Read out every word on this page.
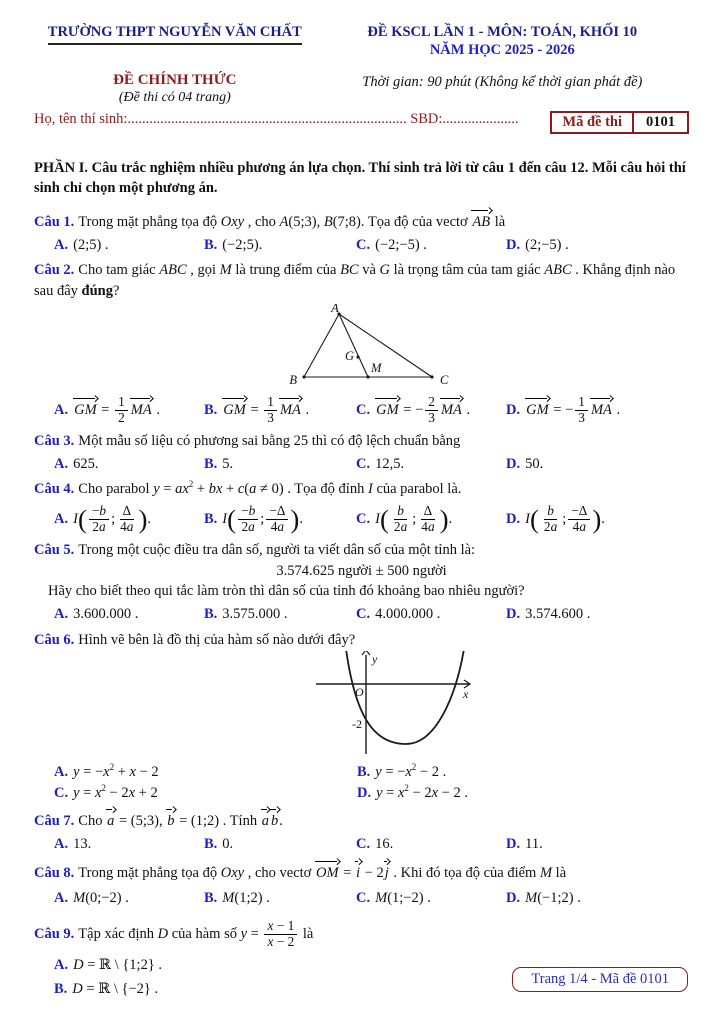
TRƯỜNG THPT NGUYỄN VĂN CHẤT	ĐỀ KSCL LẦN 1 - MÔN: TOÁN, KHỐI 10
NĂM HỌC 2025 - 2026
ĐỀ CHÍNH THỨC
(Đề thi có 04 trang)
Thời gian: 90 phút (Không kể thời gian phát đề)
Họ, tên thí sinh:............................................................................. SBD:.....................	Mã đề thi	0101
PHẦN I. Câu trắc nghiệm nhiều phương án lựa chọn. Thí sinh trả lời từ câu 1 đến câu 12. Mỗi câu hỏi thí sinh chỉ chọn một phương án.
Câu 1. Trong mặt phẳng tọa độ Oxy , cho A(5;3), B(7;8). Tọa độ của vectơ AB là
A. (2;5) .	B. (−2;5).	C. (−2;−5) .	D. (2;−5) .
Câu 2. Cho tam giác ABC , gọi M là trung điểm của BC và G là trọng tâm của tam giác ABC . Khẳng định nào sau đây đúng?
A
B	C
G
M
A. GM = $\frac{1}{2}$ MA .	B. GM = $\frac{1}{3}$ MA .	C. GM = − $\frac{2}{3}$ MA .	D. GM = − $\frac{1}{3}$ MA .
Câu 3. Một mẫu số liệu có phương sai bằng 25 thì có độ lệch chuẩn bằng
A. 625.	B. 5.	C. 12,5.	D. 50.
Câu 4. Cho parabol $y = ax^2$ + bx + c(a ≠ 0) . Tọa độ đỉnh I của parabol là.
A. $I( \frac{-b}{2a}$ ; $\frac{\Delta}{4a}$ ).	B. $I( \frac{-b}{2a}$ ; $\frac{-\Delta}{4a}$ ).	C. $I( \frac{b}{2a}$ ; $\frac{\Delta}{4a}$ ).	D. $I( \frac{b}{2a}$ ; $\frac{-\Delta}{4a}$ ).
Câu 5. Trong một cuộc điều tra dân số, người ta viết dân số của một tỉnh là:
3.574.625 người ± 500 người
Hãy cho biết theo qui tắc làm tròn thì dân số của tỉnh đó khoảng bao nhiêu người?
A. 3.600.000 .	B. 3.575.000 .	C. 4.000.000 .	D. 3.574.600 .
Câu 6. Hình vẽ bên là đồ thị của hàm số nào dưới đây?
y
x
O
-2
A. $y = -x^2 + x - 2$	B. $y = -x^2 - 2$ .
C. $y = x^2 - 2x + 2$	D. $y = x^2 - 2x - 2$ .
Câu 7. Cho a = (5;3), b = (1;2) . Tính a b.
A. 13.	B. 0.	C. 16.	D. 11.
Câu 8. Trong mặt phẳng tọa độ Oxy , cho vectơ OM = i − 2j . Khi đó tọa độ của điểm M là
A. M(0;−2) .	B. M(1;2) .	C. M(1;−2) .	D. M(−1;2) .
Câu 9. Tập xác định D của hàm số $y = \frac{x - 1}{x - 2}$ là
A. D = ℝ \ {1;2} .
B. D = ℝ \ {−2} .
Trang 1/4 - Mã đề 0101
